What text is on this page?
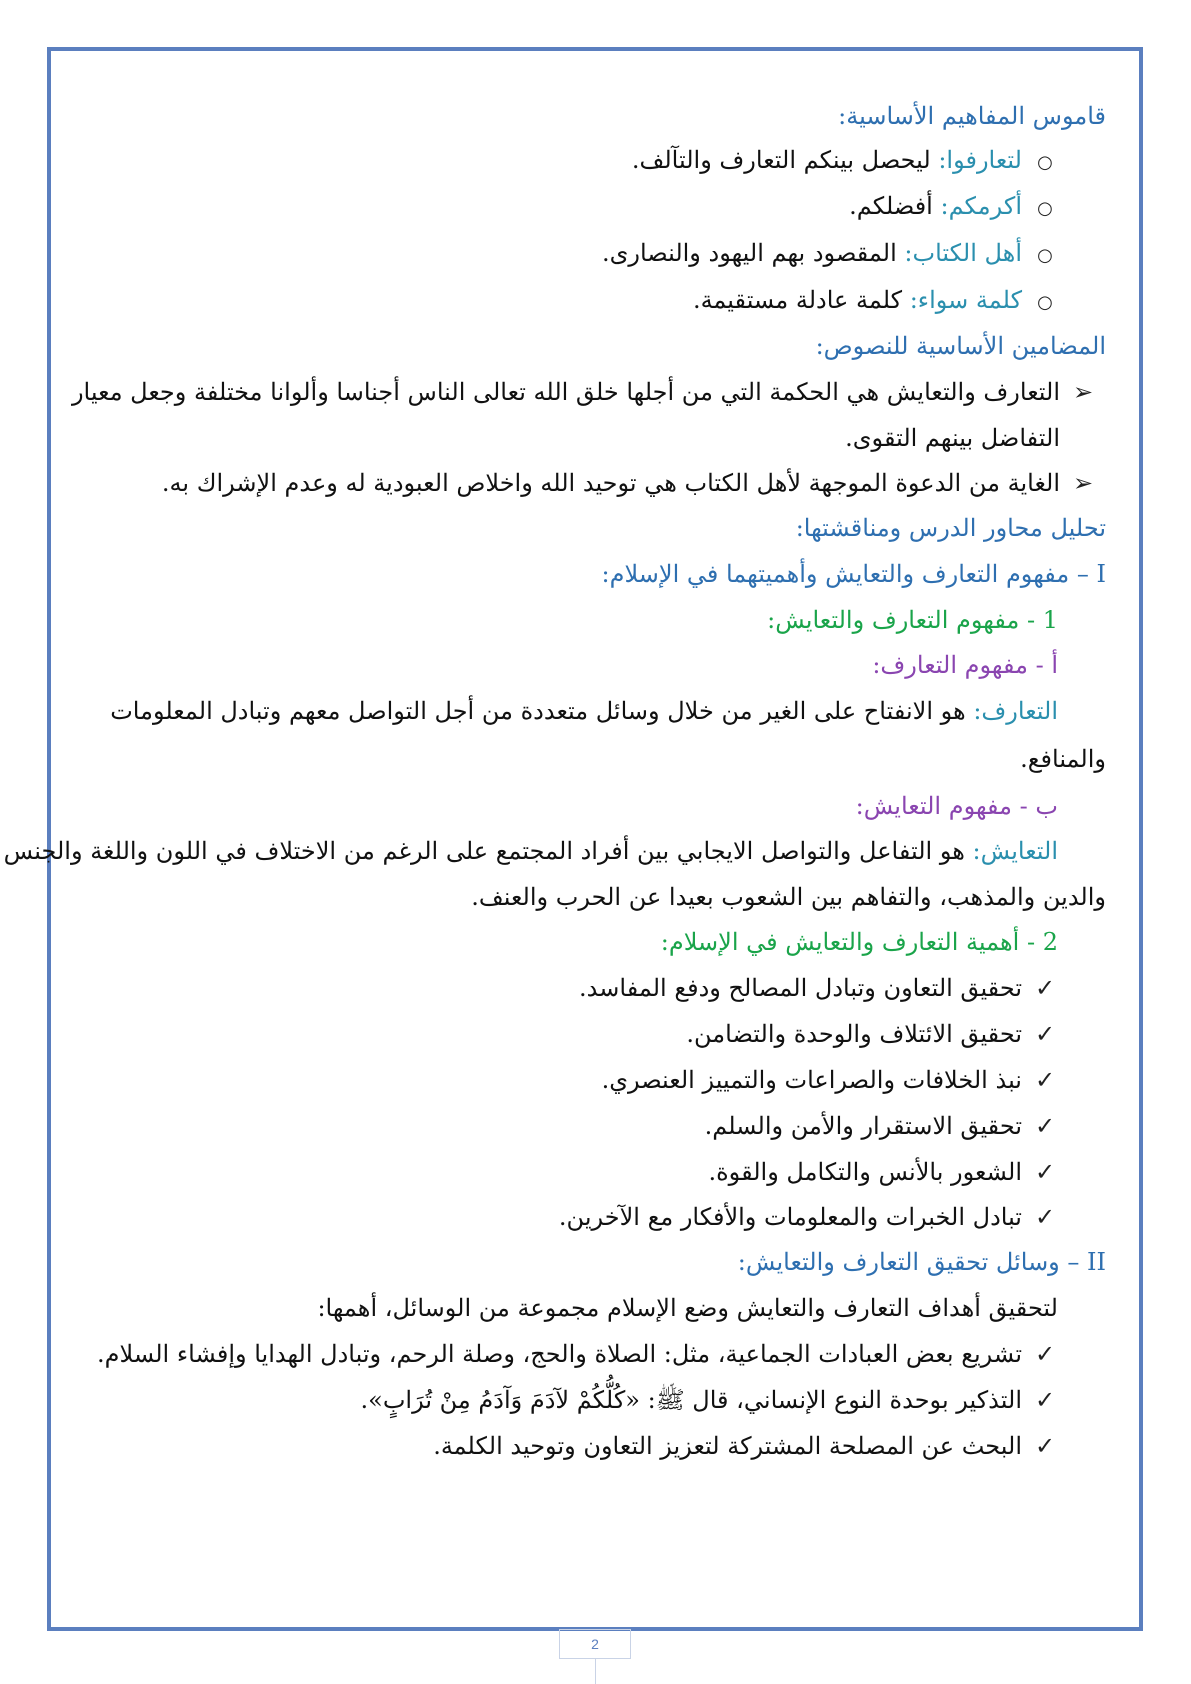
قاموس المفاهيم الأساسية:
○لتعارفوا: ليحصل بينكم التعارف والتآلف.
○أكرمكم: أفضلكم.
○أهل الكتاب: المقصود بهم اليهود والنصارى.
○كلمة سواء: كلمة عادلة مستقيمة.
المضامين الأساسية للنصوص:
➢التعارف والتعايش هي الحكمة التي من أجلها خلق الله تعالى الناس أجناسا وألوانا مختلفة وجعل معيار
التفاضل بينهم التقوى.
➢الغاية من الدعوة الموجهة لأهل الكتاب هي توحيد الله واخلاص العبودية له وعدم الإشراك به.
تحليل محاور الدرس ومناقشتها:
I – مفهوم التعارف والتعايش وأهميتهما في الإسلام:
1 - مفهوم التعارف والتعايش:
أ - مفهوم التعارف:
التعارف: هو الانفتاح على الغير من خلال وسائل متعددة من أجل التواصل معهم وتبادل المعلومات
والمنافع.
ب - مفهوم التعايش:
التعايش: هو التفاعل والتواصل الايجابي بين أفراد المجتمع على الرغم من الاختلاف في اللون واللغة والجنس
والدين والمذهب، والتفاهم بين الشعوب بعيدا عن الحرب والعنف.
2 - أهمية التعارف والتعايش في الإسلام:
✓تحقيق التعاون وتبادل المصالح ودفع المفاسد.
✓تحقيق الائتلاف والوحدة والتضامن.
✓نبذ الخلافات والصراعات والتمييز العنصري.
✓تحقيق الاستقرار والأمن والسلم.
✓الشعور بالأنس والتكامل والقوة.
✓تبادل الخبرات والمعلومات والأفكار مع الآخرين.
II – وسائل تحقيق التعارف والتعايش:
لتحقيق أهداف التعارف والتعايش وضع الإسلام مجموعة من الوسائل، أهمها:
✓تشريع بعض العبادات الجماعية، مثل: الصلاة والحج، وصلة الرحم، وتبادل الهدايا وإفشاء السلام.
✓التذكير بوحدة النوع الإنساني، قال ﷺ: «كُلُّكُمْ لآدَمَ وَآدَمُ مِنْ تُرَابٍ».
✓البحث عن المصلحة المشتركة لتعزيز التعاون وتوحيد الكلمة.
2
